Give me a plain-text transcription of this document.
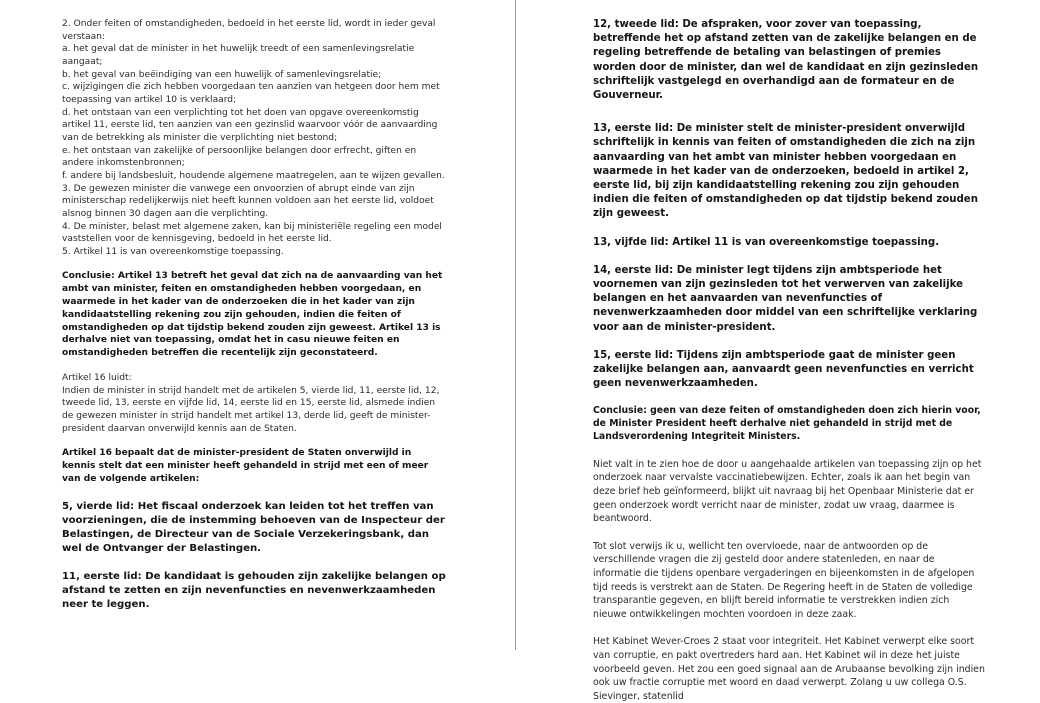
2. Onder feiten of omstandigheden, bedoeld in het eerste lid, wordt in ieder geval verstaan:

a. het geval dat de minister in het huwelijk treedt of een samenlevingsrelatie aangaat;

b. het geval van beëindiging van een huwelijk of samenlevingsrelatie;

c. wijzigingen die zich hebben voorgedaan ten aanzien van hetgeen door hem met toepassing van artikel 10 is verklaard;

d. het ontstaan van een verplichting tot het doen van opgave overeenkomstig artikel 11, eerste lid, ten aanzien van een gezinslid waarvoor vóór de aanvaarding van de betrekking als minister die verplichting niet bestond;

e. het ontstaan van zakelijke of persoonlijke belangen door erfrecht, giften en andere inkomstenbronnen;

f. andere bij landsbesluit, houdende algemene maatregelen, aan te wijzen gevallen.

3. De gewezen minister die vanwege een onvoorzien of abrupt einde van zijn ministerschap redelijkerwijs niet heeft kunnen voldoen aan het eerste lid, voldoet alsnog binnen 30 dagen aan die verplichting.

4. De minister, belast met algemene zaken, kan bij ministeriële regeling een model vaststellen voor de kennisgeving, bedoeld in het eerste lid.

5. Artikel 11 is van overeenkomstige toepassing.

Conclusie: Artikel 13 betreft het geval dat zich na de aanvaarding van het ambt van minister, feiten en omstandigheden hebben voorgedaan, en waarmede in het kader van de onderzoeken die in het kader van zijn kandidaatstelling rekening zou zijn gehouden, indien die feiten of omstandigheden op dat tijdstip bekend zouden zijn geweest. Artikel 13 is derhalve niet van toepassing, omdat het in casu nieuwe feiten en omstandigheden betreffen die recentelijk zijn geconstateerd.

Artikel 16 luidt:

Indien de minister in strijd handelt met de artikelen 5, vierde lid, 11, eerste lid, 12, tweede lid, 13, eerste en vijfde lid, 14, eerste lid en 15, eerste lid, alsmede indien de gewezen minister in strijd handelt met artikel 13, derde lid, geeft de minister-president daarvan onverwijld kennis aan de Staten.

Artikel 16 bepaalt dat de minister-president de Staten onverwijld in kennis stelt dat een minister heeft gehandeld in strijd met een of meer van de volgende artikelen:

5, vierde lid: Het fiscaal onderzoek kan leiden tot het treffen van voorzieningen, die de instemming behoeven van de Inspecteur der Belastingen, de Directeur van de Sociale Verzekeringsbank, dan wel de Ontvanger der Belastingen.

11, eerste lid: De kandidaat is gehouden zijn zakelijke belangen op afstand te zetten en zijn nevenfuncties en nevenwerkzaamheden neer te leggen.

12, tweede lid: De afspraken, voor zover van toepassing, betreffende het op afstand zetten van de zakelijke belangen en de regeling betreffende de betaling van belastingen of premies worden door de minister, dan wel de kandidaat en zijn gezinsleden schriftelijk vastgelegd en overhandigd aan de formateur en de Gouverneur.

13, eerste lid: De minister stelt de minister-president onverwijld schriftelijk in kennis van feiten of omstandigheden die zich na zijn aanvaarding van het ambt van minister hebben voorgedaan en waarmede in het kader van de onderzoeken, bedoeld in artikel 2, eerste lid, bij zijn kandidaatstelling rekening zou zijn gehouden indien die feiten of omstandigheden op dat tijdstip bekend zouden zijn geweest.

13, vijfde lid: Artikel 11 is van overeenkomstige toepassing.

14, eerste lid: De minister legt tijdens zijn ambtsperiode het voornemen van zijn gezinsleden tot het verwerven van zakelijke belangen en het aanvaarden van nevenfuncties of nevenwerkzaamheden door middel van een schriftelijke verklaring voor aan de minister-president.

15, eerste lid: Tijdens zijn ambtsperiode gaat de minister geen zakelijke belangen aan, aanvaardt geen nevenfuncties en verricht geen nevenwerkzaamheden.

Conclusie: geen van deze feiten of omstandigheden doen zich hierin voor, de Minister President heeft derhalve niet gehandeld in strijd met de Landsverordening Integriteit Ministers.

Niet valt in te zien hoe de door u aangehaalde artikelen van toepassing zijn op het onderzoek naar vervalste vaccinatiebewijzen. Echter, zoals ik aan het begin van deze brief heb geïnformeerd, blijkt uit navraag bij het Openbaar Ministerie dat er geen onderzoek wordt verricht naar de minister, zodat uw vraag, daarmee is beantwoord.

Tot slot verwijs ik u, wellicht ten overvloede, naar de antwoorden op de verschillende vragen die zij gesteld door andere statenleden, en naar de informatie die tijdens openbare vergaderingen en bijeenkomsten in de afgelopen tijd reeds is verstrekt aan de Staten. De Regering heeft in de Staten de volledige transparantie gegeven, en blijft bereid informatie te verstrekken indien zich nieuwe ontwikkelingen mochten voordoen in deze zaak.

Het Kabinet Wever-Croes 2 staat voor integriteit. Het Kabinet verwerpt elke soort van corruptie, en pakt overtreders hard aan. Het Kabinet wil in deze het juiste voorbeeld geven. Het zou een goed signaal aan de Arubaanse bevolking zijn indien ook uw fractie corruptie met woord en daad verwerpt. Zolang u uw collega O.S. Sievinger, statenlid
